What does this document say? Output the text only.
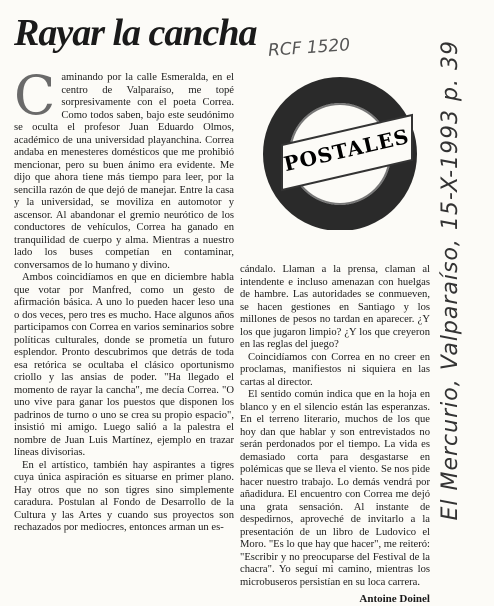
Rayar la cancha RCF 1520
POSTALES

Caminando por la calle Esmeralda, en el centro de Valparaíso, me topé sorpresivamente con el poeta Correa. Como todos saben, bajo este seudónimo se oculta el profesor Juan Eduardo Olmos, académico de una universidad playanchina. Correa andaba en menesteres domésticos que me prohibió mencionar, pero su buen ánimo era evidente. Me dijo que ahora tiene más tiempo para leer, por la sencilla razón de que dejó de manejar. Entre la casa y la universidad, se moviliza en automotor y ascensor. Al abandonar el gremio neurótico de los conductores de vehículos, Correa ha ganado en tranquilidad de cuerpo y alma. Mientras a nuestro lado los buses competían en contaminar, conversamos de lo humano y divino.

Ambos coincidíamos en que en diciembre habla que votar por Manfred, como un gesto de afirmación básica. A uno lo pueden hacer leso una o dos veces, pero tres es mucho. Hace algunos años participamos con Correa en varios seminarios sobre políticas culturales, donde se prometía un futuro esplendor. Pronto descubrimos que detrás de toda esa retórica se ocultaba el clásico oportunismo criollo y las ansias de poder. "Ha llegado el momento de rayar la cancha", me decía Correa. "O uno vive para ganar los puestos que disponen los padrinos de turno o uno se crea su propio espacio", insistió mi amigo. Luego salió a la palestra el nombre de Juan Luis Martínez, ejemplo en trazar líneas divisorias.

En el artístico, también hay aspirantes a tigres cuya única aspiración es situarse en primer plano. Hay otros que no son tigres sino simplemente caradura. Postulan al Fondo de Desarrollo de la Cultura y las Artes y cuando sus proyectos son rechazados por mediocres, entonces arman un es-

cándalo. Llaman a la prensa, claman al intendente e incluso amenazan con huelgas de hambre. Las autoridades se conmueven, se hacen gestiones en Santiago y los millones de pesos no tardan en aparecer. ¿Y los que jugaron limpio? ¿Y los que creyeron en las reglas del juego?

Coincidíamos con Correa en no creer en proclamas, manifiestos ni siquiera en las cartas al director.

El sentido común indica que en la hoja en blanco y en el silencio están las esperanzas. En el terreno literario, muchos de los que hoy dan que hablar y son entrevistados no serán perdonados por el tiempo. La vida es demasiado corta para desgastarse en polémicas que se lleva el viento. Se nos pide hacer nuestro trabajo. Lo demás vendrá por añadidura. El encuentro con Correa me dejó una grata sensación. Al instante de despedirnos, aproveché de invitarlo a la presentación de un libro de Ludovico el Moro. "Es lo que hay que hacer", me reiteró: "Escribir y no preocuparse del Festival de la chacra". Yo seguí mi camino, mientras los microbuseros persistían en su loca carrera.

Antoine Doinel
El Mercurio, Valparaíso, 15-X-1993 p. 39
